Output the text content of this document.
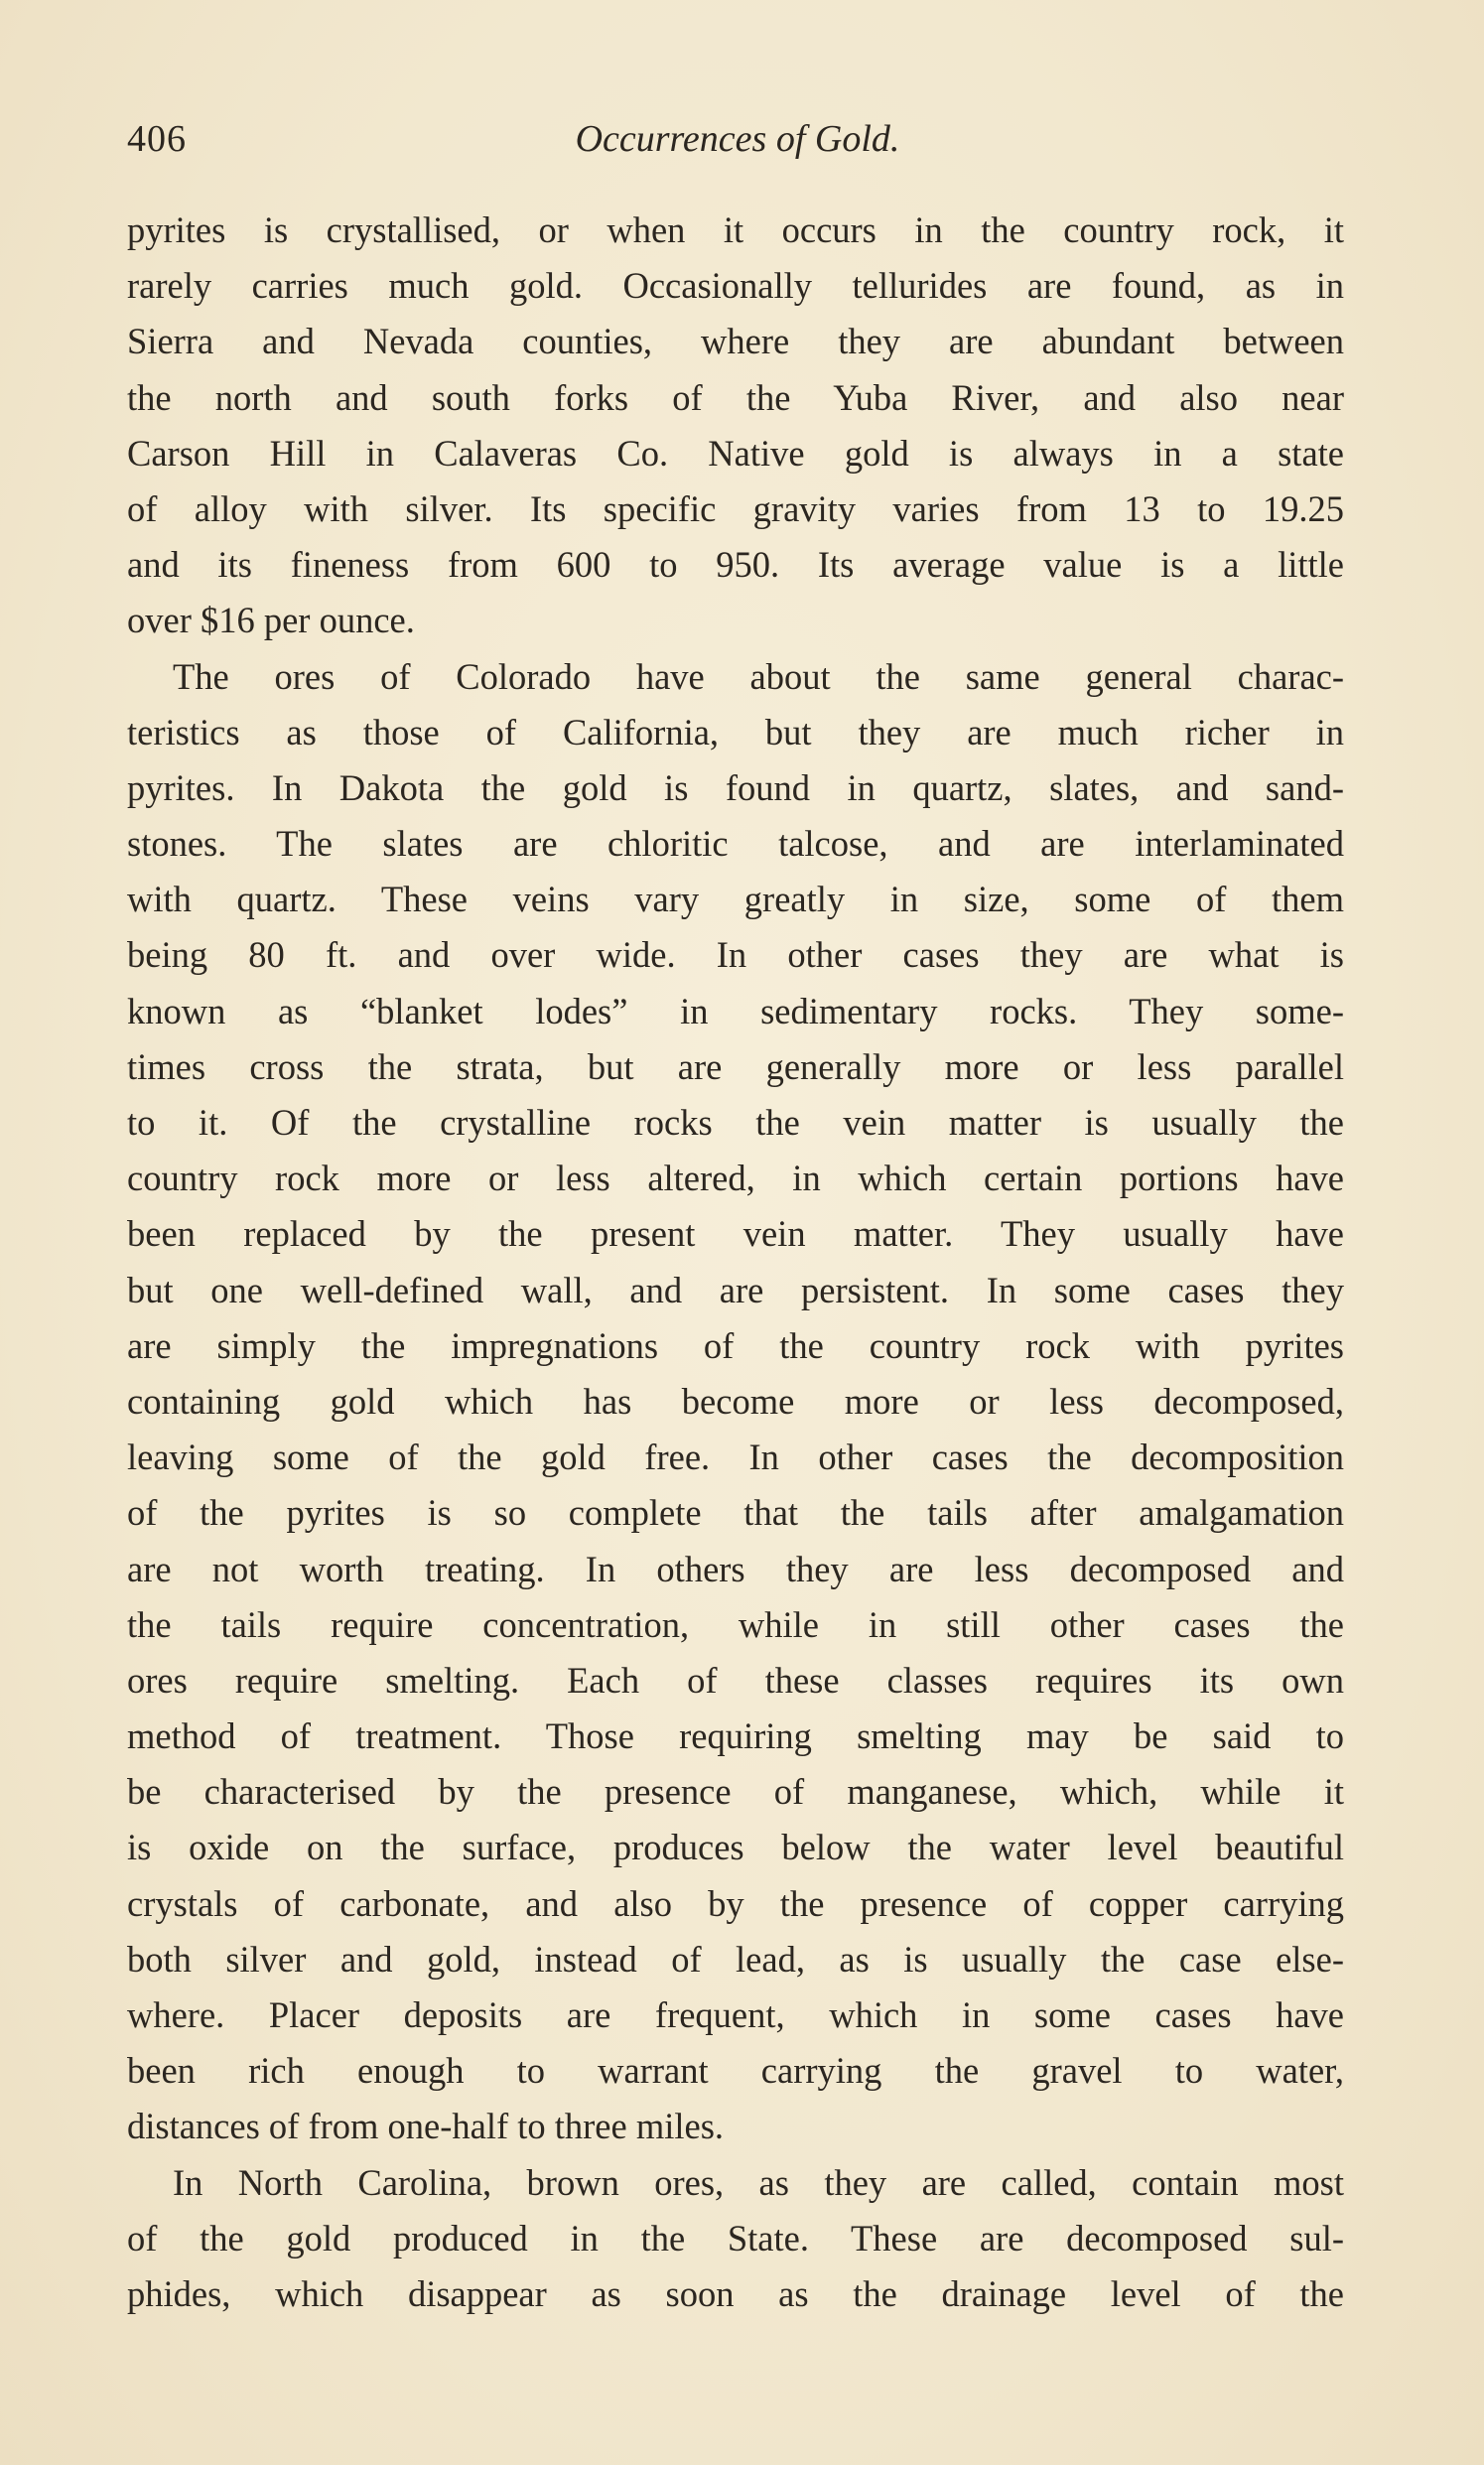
406	Occurrences of Gold.
pyrites is crystallised, or when it occurs in the country rock, it
rarely carries much gold. Occasionally tellurides are found, as in
Sierra and Nevada counties, where they are abundant between
the north and south forks of the Yuba River, and also near
Carson Hill in Calaveras Co. Native gold is always in a state
of alloy with silver. Its specific gravity varies from 13 to 19.25
and its fineness from 600 to 950. Its average value is a little
over $16 per ounce.
The ores of Colorado have about the same general charac-
teristics as those of California, but they are much richer in
pyrites. In Dakota the gold is found in quartz, slates, and sand-
stones. The slates are chloritic talcose, and are interlaminated
with quartz. These veins vary greatly in size, some of them
being 80 ft. and over wide. In other cases they are what is
known as “blanket lodes” in sedimentary rocks. They some-
times cross the strata, but are generally more or less parallel
to it. Of the crystalline rocks the vein matter is usually the
country rock more or less altered, in which certain portions have
been replaced by the present vein matter. They usually have
but one well-defined wall, and are persistent. In some cases they
are simply the impregnations of the country rock with pyrites
containing gold which has become more or less decomposed,
leaving some of the gold free. In other cases the decomposition
of the pyrites is so complete that the tails after amalgamation
are not worth treating. In others they are less decomposed and
the tails require concentration, while in still other cases the
ores require smelting. Each of these classes requires its own
method of treatment. Those requiring smelting may be said to
be characterised by the presence of manganese, which, while it
is oxide on the surface, produces below the water level beautiful
crystals of carbonate, and also by the presence of copper carrying
both silver and gold, instead of lead, as is usually the case else-
where. Placer deposits are frequent, which in some cases have
been rich enough to warrant carrying the gravel to water,
distances of from one-half to three miles.
In North Carolina, brown ores, as they are called, contain most
of the gold produced in the State. These are decomposed sul-
phides, which disappear as soon as the drainage level of the
